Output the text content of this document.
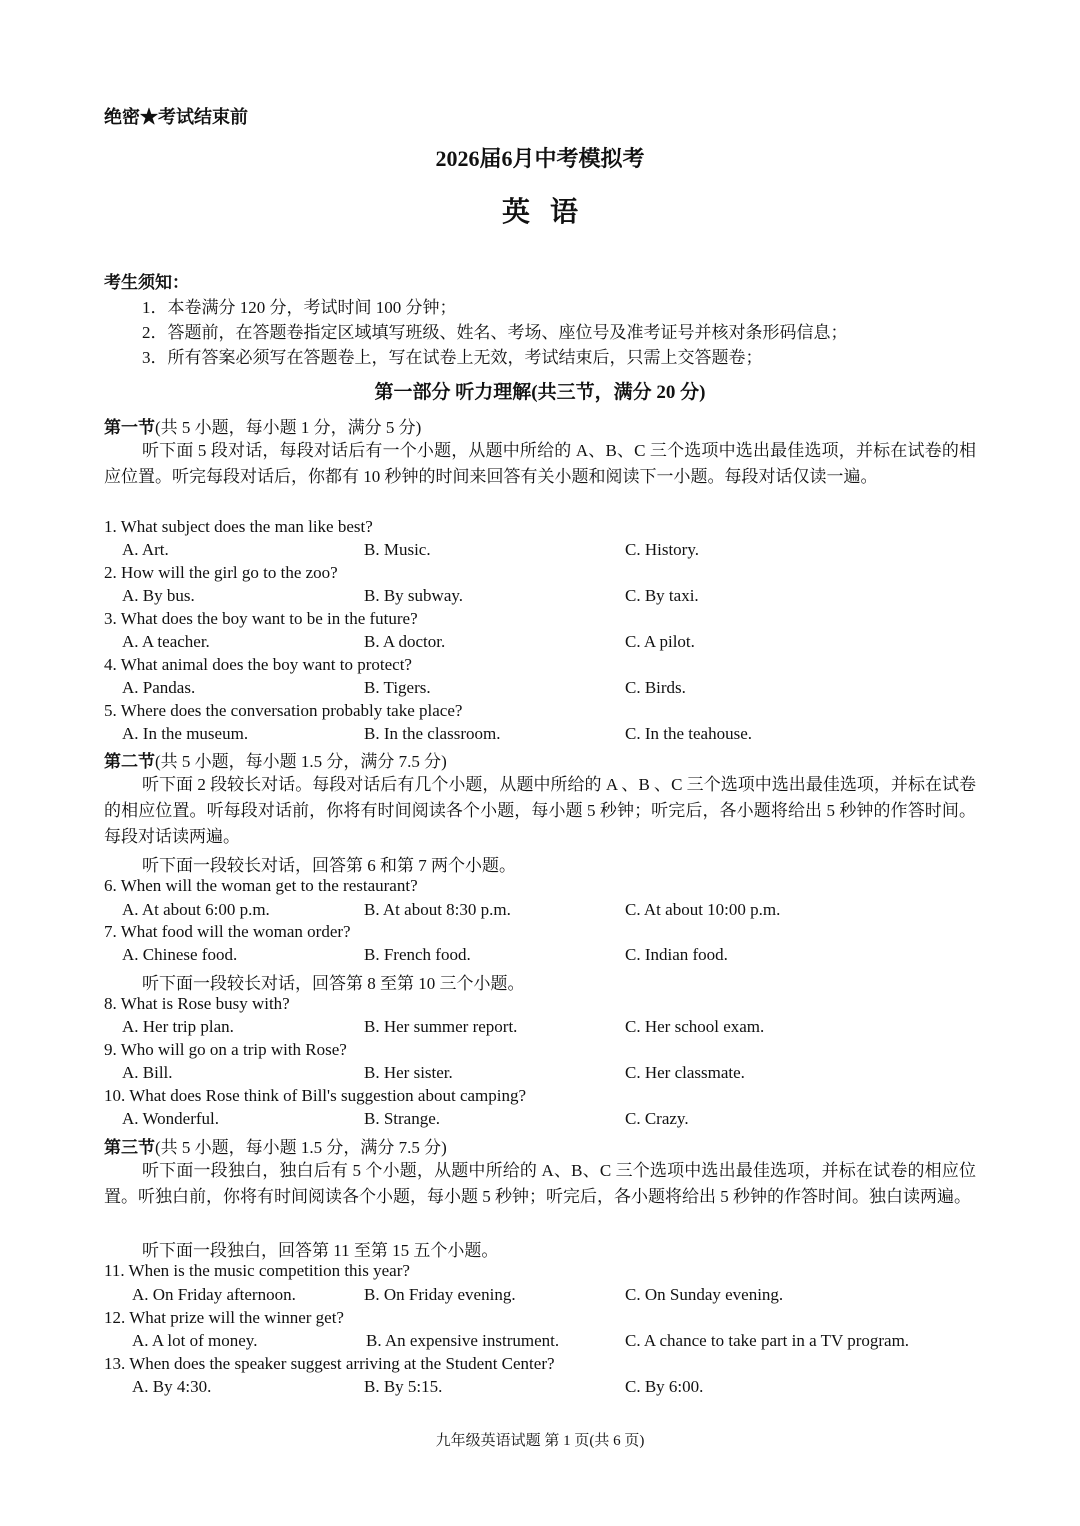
绝密★考试结束前
2026届6月中考模拟考
英语
考生须知：
1．本卷满分 120 分，考试时间 100 分钟；
2．答题前，在答题卷指定区域填写班级、姓名、考场、座位号及准考证号并核对条形码信息；
3．所有答案必须写在答题卷上，写在试卷上无效，考试结束后，只需上交答题卷；
第一部分 听力理解(共三节，满分 20 分)
第一节(共 5 小题，每小题 1 分，满分 5 分)
听下面 5 段对话，每段对话后有一个小题，从题中所给的 A、B、C 三个选项中选出最佳选项，并标在试卷的相应位置。听完每段对话后，你都有 10 秒钟的时间来回答有关小题和阅读下一小题。每段对话仅读一遍。
1. What subject does the man like best?
A. Art.	B. Music.	C. History.
2. How will the girl go to the zoo?
A. By bus.	B. By subway.	C. By taxi.
3. What does the boy want to be in the future?
A. A teacher.	B. A doctor.	C. A pilot.
4. What animal does the boy want to protect?
A. Pandas.	B. Tigers.	C. Birds.
5. Where does the conversation probably take place?
A. In the museum.	B. In the classroom.	C. In the teahouse.
第二节(共 5 小题，每小题 1.5 分，满分 7.5 分)
听下面 2 段较长对话。每段对话后有几个小题，从题中所给的 A 、B 、C 三个选项中选出最佳选项，并标在试卷的相应位置。听每段对话前，你将有时间阅读各个小题，每小题 5 秒钟；听完后，各小题将给出 5 秒钟的作答时间。每段对话读两遍。
听下面一段较长对话，回答第 6 和第 7 两个小题。
6. When will the woman get to the restaurant?
A. At about 6:00 p.m.	B. At about 8:30 p.m.	C. At about 10:00 p.m.
7. What food will the woman order?
A. Chinese food.	B. French food.	C. Indian food.
听下面一段较长对话，回答第 8 至第 10 三个小题。
8. What is Rose busy with?
A. Her trip plan.	B. Her summer report.	C. Her school exam.
9. Who will go on a trip with Rose?
A. Bill.	B. Her sister.	C. Her classmate.
10. What does Rose think of Bill's suggestion about camping?
A. Wonderful.	B. Strange.	C. Crazy.
第三节(共 5 小题，每小题 1.5 分，满分 7.5 分)
听下面一段独白，独白后有 5 个小题，从题中所给的 A、B、C 三个选项中选出最佳选项，并标在试卷的相应位置。听独白前，你将有时间阅读各个小题，每小题 5 秒钟；听完后，各小题将给出 5 秒钟的作答时间。独白读两遍。
听下面一段独白，回答第 11 至第 15 五个小题。
11. When is the music competition this year?
A. On Friday afternoon.	B. On Friday evening.	C. On Sunday evening.
12. What prize will the winner get?
A. A lot of money.	B. An expensive instrument.	C. A chance to take part in a TV program.
13. When does the speaker suggest arriving at the Student Center?
A. By 4:30.	B. By 5:15.	C. By 6:00.
九年级英语试题 第 1 页(共 6 页)
